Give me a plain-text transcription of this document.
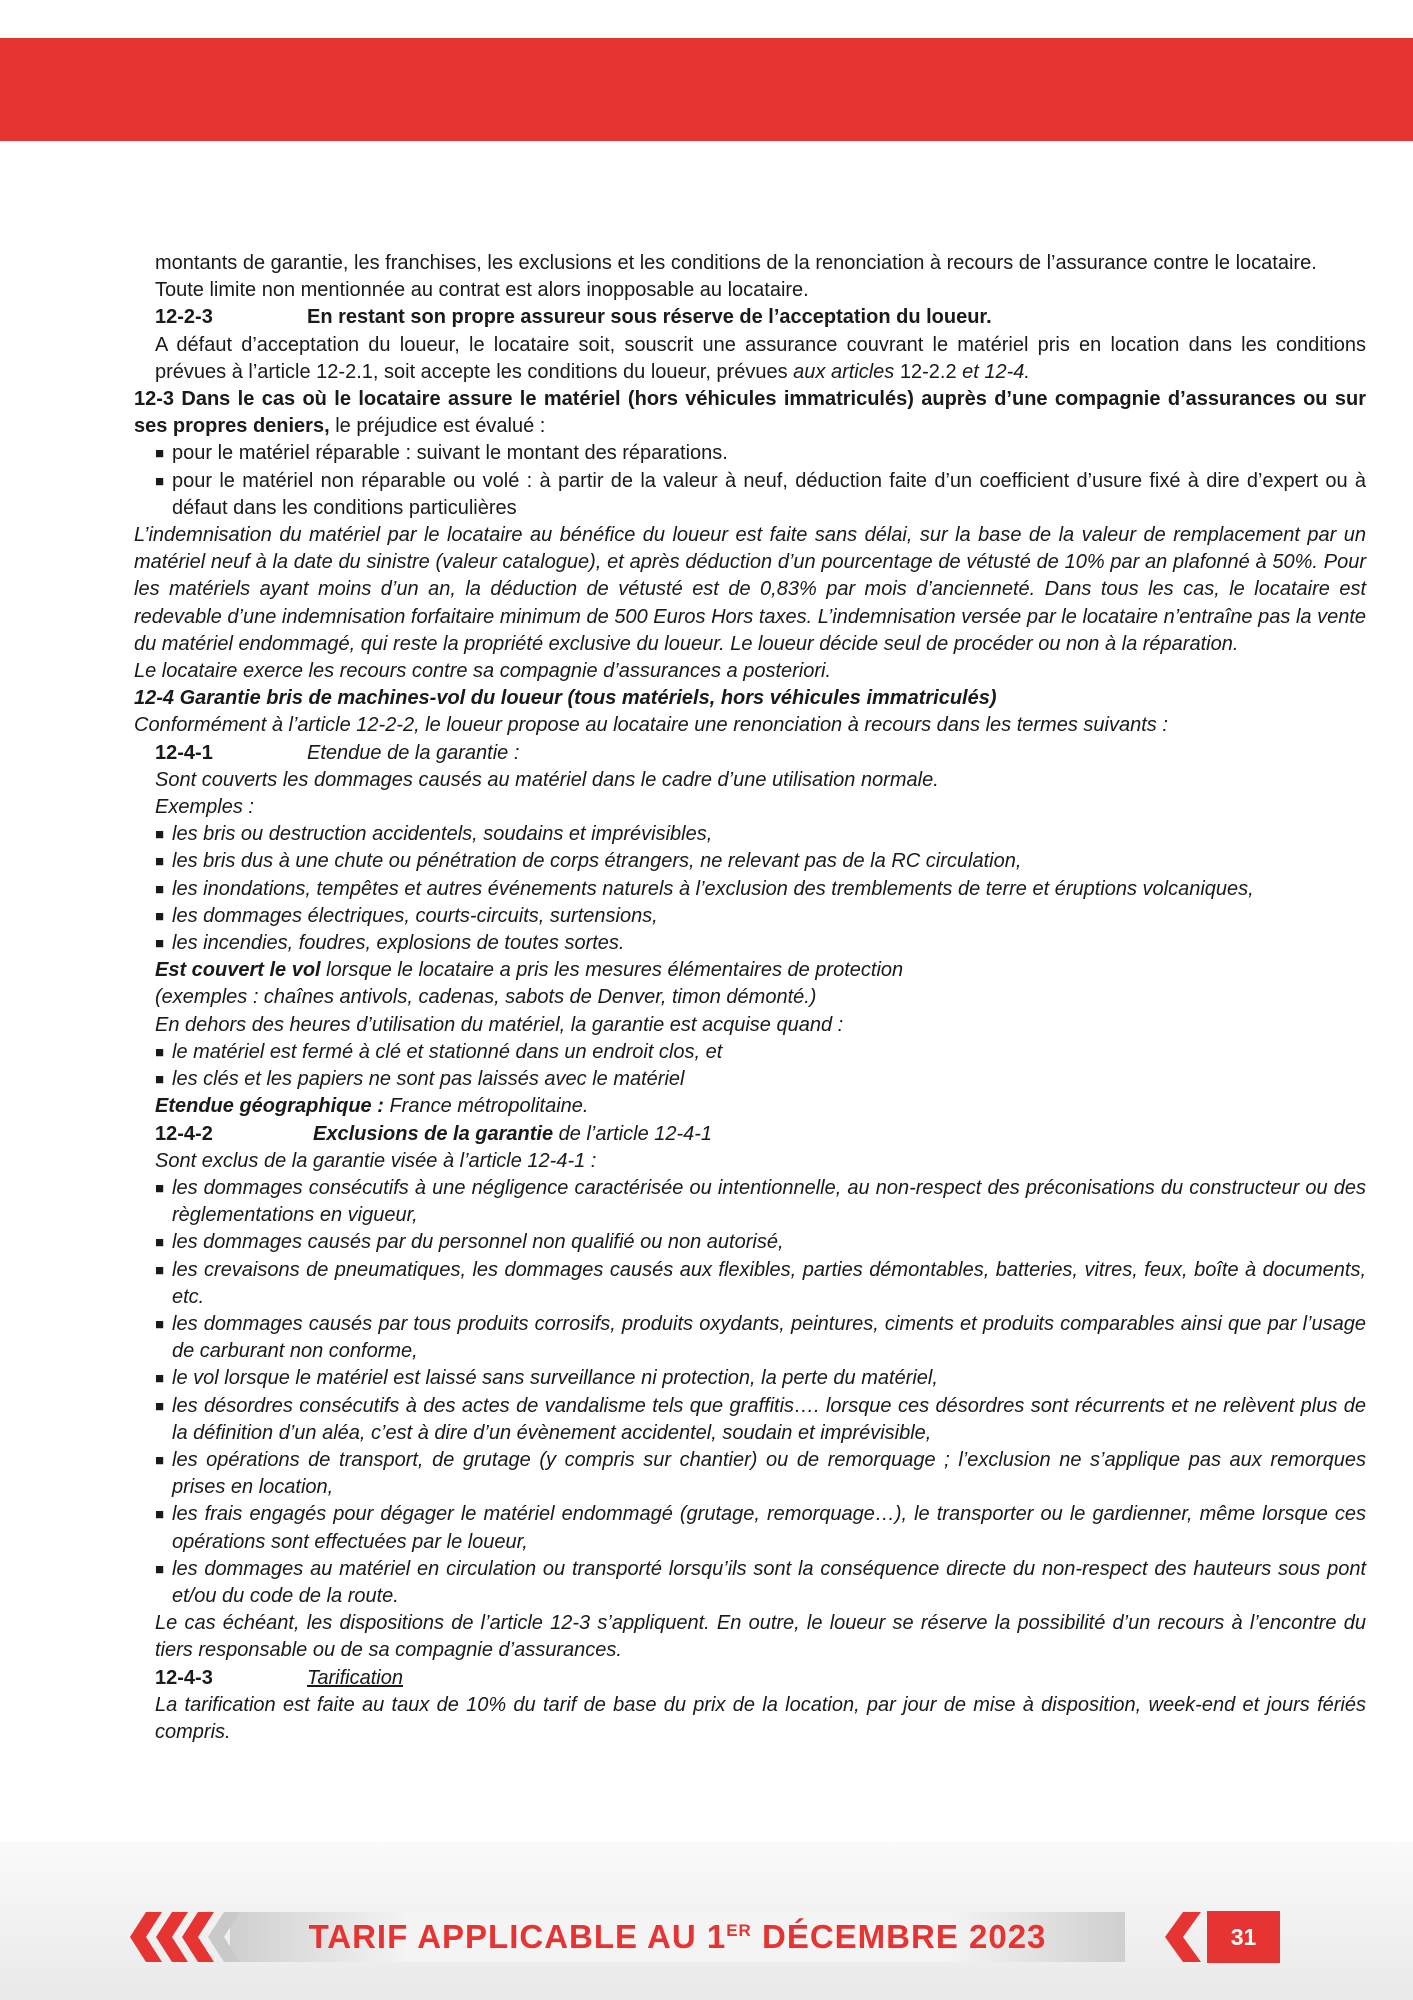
montants de garantie, les franchises, les exclusions et les conditions de la renonciation à recours de l’assurance contre le locataire.

Toute limite non mentionnée au contrat est alors inopposable au locataire.

12-2-3	En restant son propre assureur sous réserve de l’acceptation du loueur.

A défaut d’acceptation du loueur, le locataire soit, souscrit une assurance couvrant le matériel pris en location dans les conditions prévues à l’article 12-2.1, soit accepte les conditions du loueur, prévues aux articles 12-2.2 et 12-4.

12-3 Dans le cas où le locataire assure le matériel (hors véhicules immatriculés) auprès d’une compagnie d’assurances ou sur ses propres deniers, le préjudice est évalué :

■ pour le matériel réparable : suivant le montant des réparations.

■ pour le matériel non réparable ou volé : à partir de la valeur à neuf, déduction faite d’un coefficient d’usure fixé à dire d’expert ou à défaut dans les conditions particulières

L’indemnisation du matériel par le locataire au bénéfice du loueur est faite sans délai, sur la base de la valeur de remplacement par un matériel neuf à la date du sinistre (valeur catalogue), et après déduction d’un pourcentage de vétusté de 10% par an plafonné à 50%. Pour les matériels ayant moins d’un an, la déduction de vétusté est de 0,83% par mois d’ancienneté. Dans tous les cas, le locataire est redevable d’une indemnisation forfaitaire minimum de 500 Euros Hors taxes. L’indemnisation versée par le locataire n’entraîne pas la vente du matériel endommagé, qui reste la propriété exclusive du loueur. Le loueur décide seul de procéder ou non à la réparation.

Le locataire exerce les recours contre sa compagnie d’assurances a posteriori.

12-4 Garantie bris de machines-vol du loueur (tous matériels, hors véhicules immatriculés)

Conformément à l’article 12-2-2, le loueur propose au locataire une renonciation à recours dans les termes suivants :

12-4-1	Etendue de la garantie :

Sont couverts les dommages causés au matériel dans le cadre d’une utilisation normale.

Exemples :

■ les bris ou destruction accidentels, soudains et imprévisibles,

■ les bris dus à une chute ou pénétration de corps étrangers, ne relevant pas de la RC circulation,

■ les inondations, tempêtes et autres événements naturels à l’exclusion des tremblements de terre et éruptions volcaniques,

■ les dommages électriques, courts-circuits, surtensions,

■ les incendies, foudres, explosions de toutes sortes.

Est couvert le vol lorsque le locataire a pris les mesures élémentaires de protection

(exemples : chaînes antivols, cadenas, sabots de Denver, timon démonté.)

En dehors des heures d’utilisation du matériel, la garantie est acquise quand :

■ le matériel est fermé à clé et stationné dans un endroit clos, et

■ les clés et les papiers ne sont pas laissés avec le matériel

Etendue géographique : France métropolitaine.

12-4-2	Exclusions de la garantie de l’article 12-4-1

Sont exclus de la garantie visée à l’article 12-4-1 :

■ les dommages consécutifs à une négligence caractérisée ou intentionnelle, au non-respect des préconisations du constructeur ou des règlementations en vigueur,

■ les dommages causés par du personnel non qualifié ou non autorisé,

■ les crevaisons de pneumatiques, les dommages causés aux flexibles, parties démontables, batteries, vitres, feux, boîte à documents, etc.

■ les dommages causés par tous produits corrosifs, produits oxydants, peintures, ciments et produits comparables ainsi que par l’usage de carburant non conforme,

■ le vol lorsque le matériel est laissé sans surveillance ni protection, la perte du matériel,

■ les désordres consécutifs à des actes de vandalisme tels que graffitis…. lorsque ces désordres sont récurrents et ne relèvent plus de la définition d’un aléa, c’est à dire d’un évènement accidentel, soudain et imprévisible,

■ les opérations de transport, de grutage (y compris sur chantier) ou de remorquage ; l’exclusion ne s’applique pas aux remorques prises en location,

■ les frais engagés pour dégager le matériel endommagé (grutage, remorquage…), le transporter ou le gardienner, même lorsque ces opérations sont effectuées par le loueur,

■ les dommages au matériel en circulation ou transporté lorsqu’ils sont la conséquence directe du non-respect des hauteurs sous pont et/ou du code de la route.

Le cas échéant, les dispositions de l’article 12-3 s’appliquent. En outre, le loueur se réserve la possibilité d’un recours à l’encontre du tiers responsable ou de sa compagnie d’assurances.

12-4-3	Tarification

La tarification est faite au taux de 10% du tarif de base du prix de la location, par jour de mise à disposition, week-end et jours fériés compris.

TARIF APPLICABLE AU 1ER DÉCEMBRE 2023	31
